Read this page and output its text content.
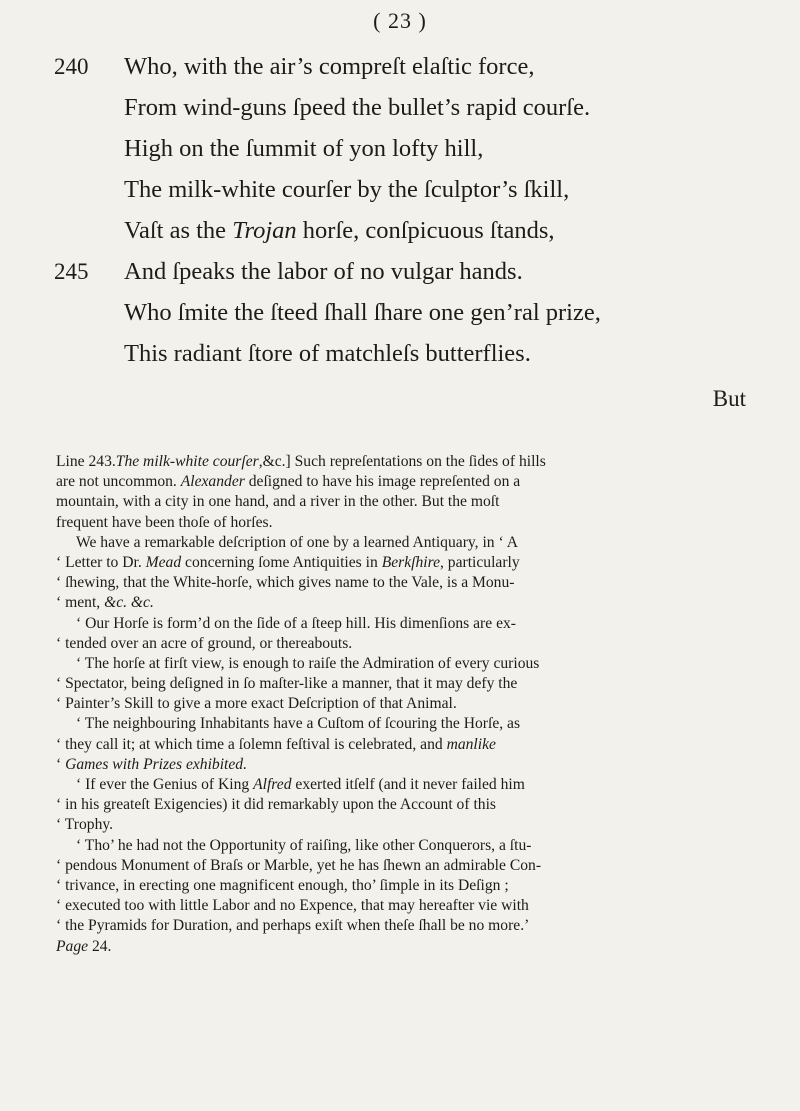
( 23 )
240 Who, with the air’s compreſt elaſtic force,
From wind-guns ſpeed the bullet’s rapid courſe.
High on the ſummit of yon lofty hill,
The milk-white courſer by the ſculptor’s ſkill,
Vaſt as the Trojan horſe, conſpicuous ſtands,
245 And ſpeaks the labor of no vulgar hands.
Who ſmite the ſteed ſhall ſhare one gen’ral prize,
This radiant ſtore of matchleſs butterflies.
But
Line 243.The milk-white courſer,&c.] Such repreſentations on the ſides of hills
are not uncommon. Alexander deſigned to have his image repreſented on a
mountain, with a city in one hand, and a river in the other. But the moſt
frequent have been thoſe of horſes.
We have a remarkable deſcription of one by a learned Antiquary, in ‘ A
‘ Letter to Dr. Mead concerning ſome Antiquities in Berkſhire, particularly
‘ ſhewing, that the White-horſe, which gives name to the Vale, is a Monu-
‘ ment, &c. &c.
‘ Our Horſe is form’d on the ſide of a ſteep hill. His dimenſions are ex-
‘ tended over an acre of ground, or thereabouts.
‘ The horſe at firſt view, is enough to raiſe the Admiration of every curious
‘ Spectator, being deſigned in ſo maſter-like a manner, that it may defy the
‘ Painter’s Skill to give a more exact Deſcription of that Animal.
‘ The neighbouring Inhabitants have a Cuſtom of ſcouring the Horſe, as
‘ they call it; at which time a ſolemn feſtival is celebrated, and manlike
‘ Games with Prizes exhibited.
‘ If ever the Genius of King Alfred exerted itſelf (and it never failed him
‘ in his greateſt Exigencies) it did remarkably upon the Account of this
‘ Trophy.
‘ Tho’ he had not the Opportunity of raiſing, like other Conquerors, a ſtu-
‘ pendous Monument of Braſs or Marble, yet he has ſhewn an admirable Con-
‘ trivance, in erecting one magnificent enough, tho’ ſimple in its Deſign ;
‘ executed too with little Labor and no Expence, that may hereafter vie with
‘ the Pyramids for Duration, and perhaps exiſt when theſe ſhall be no more.’
Page 24.
